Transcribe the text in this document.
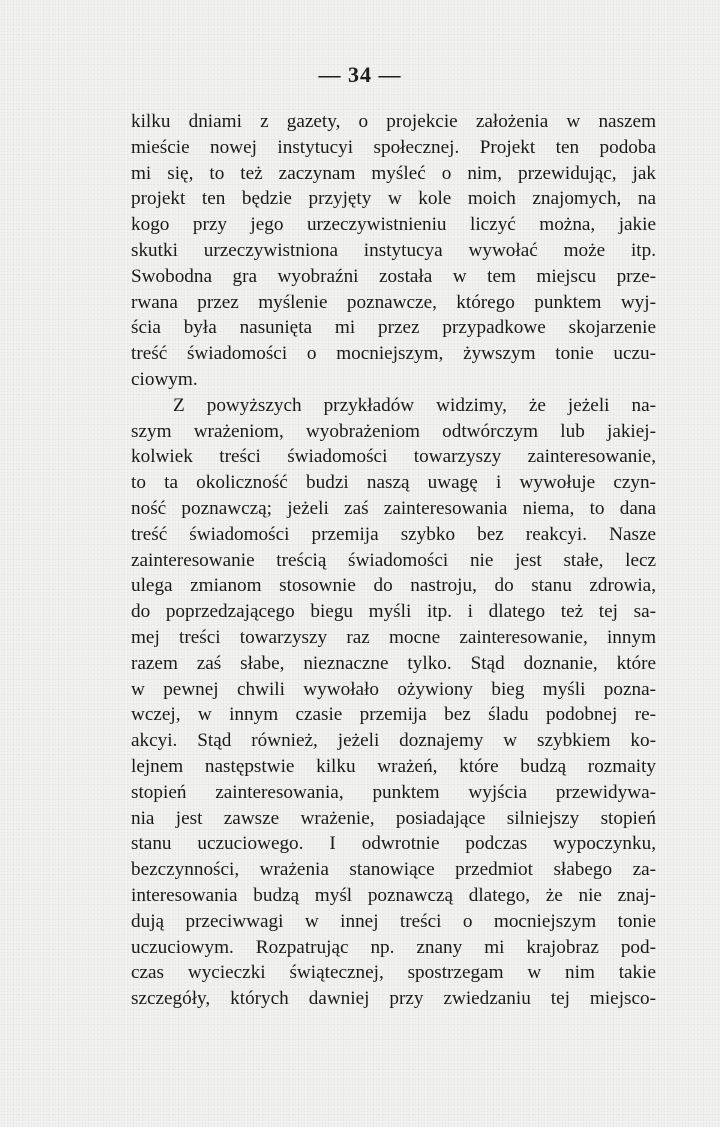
— 34 —
kilku dniami z gazety, o projekcie założenia w naszem
mieście nowej instytucyi społecznej. Projekt ten podoba
mi się, to też zaczynam myśleć o nim, przewidując, jak
projekt ten będzie przyjęty w kole moich znajomych, na
kogo przy jego urzeczywistnieniu liczyć można, jakie
skutki urzeczywistniona instytucya wywołać może itp.
Swobodna gra wyobraźni została w tem miejscu prze-
rwana przez myślenie poznawcze, którego punktem wyj-
ścia była nasunięta mi przez przypadkowe skojarzenie
treść świadomości o mocniejszym, żywszym tonie uczu-
ciowym.
Z powyższych przykładów widzimy, że jeżeli na-
szym wrażeniom, wyobrażeniom odtwórczym lub jakiej-
kolwiek treści świadomości towarzyszy zainteresowanie,
to ta okoliczność budzi naszą uwagę i wywołuje czyn-
ność poznawczą; jeżeli zaś zainteresowania niema, to dana
treść świadomości przemija szybko bez reakcyi. Nasze
zainteresowanie treścią świadomości nie jest stałe, lecz
ulega zmianom stosownie do nastroju, do stanu zdrowia,
do poprzedzającego biegu myśli itp. i dlatego też tej sa-
mej treści towarzyszy raz mocne zainteresowanie, innym
razem zaś słabe, nieznaczne tylko. Stąd doznanie, które
w pewnej chwili wywołało ożywiony bieg myśli pozna-
wczej, w innym czasie przemija bez śladu podobnej re-
akcyi. Stąd również, jeżeli doznajemy w szybkiem ko-
lejnem następstwie kilku wrażeń, które budzą rozmaity
stopień zainteresowania, punktem wyjścia przewidywa-
nia jest zawsze wrażenie, posiadające silniejszy stopień
stanu uczuciowego. I odwrotnie podczas wypoczynku,
bezczynności, wrażenia stanowiące przedmiot słabego za-
interesowania budzą myśl poznawczą dlatego, że nie znaj-
dują przeciwwagi w innej treści o mocniejszym tonie
uczuciowym. Rozpatrując np. znany mi krajobraz pod-
czas wycieczki świątecznej, spostrzegam w nim takie
szczegóły, których dawniej przy zwiedzaniu tej miejsco-
